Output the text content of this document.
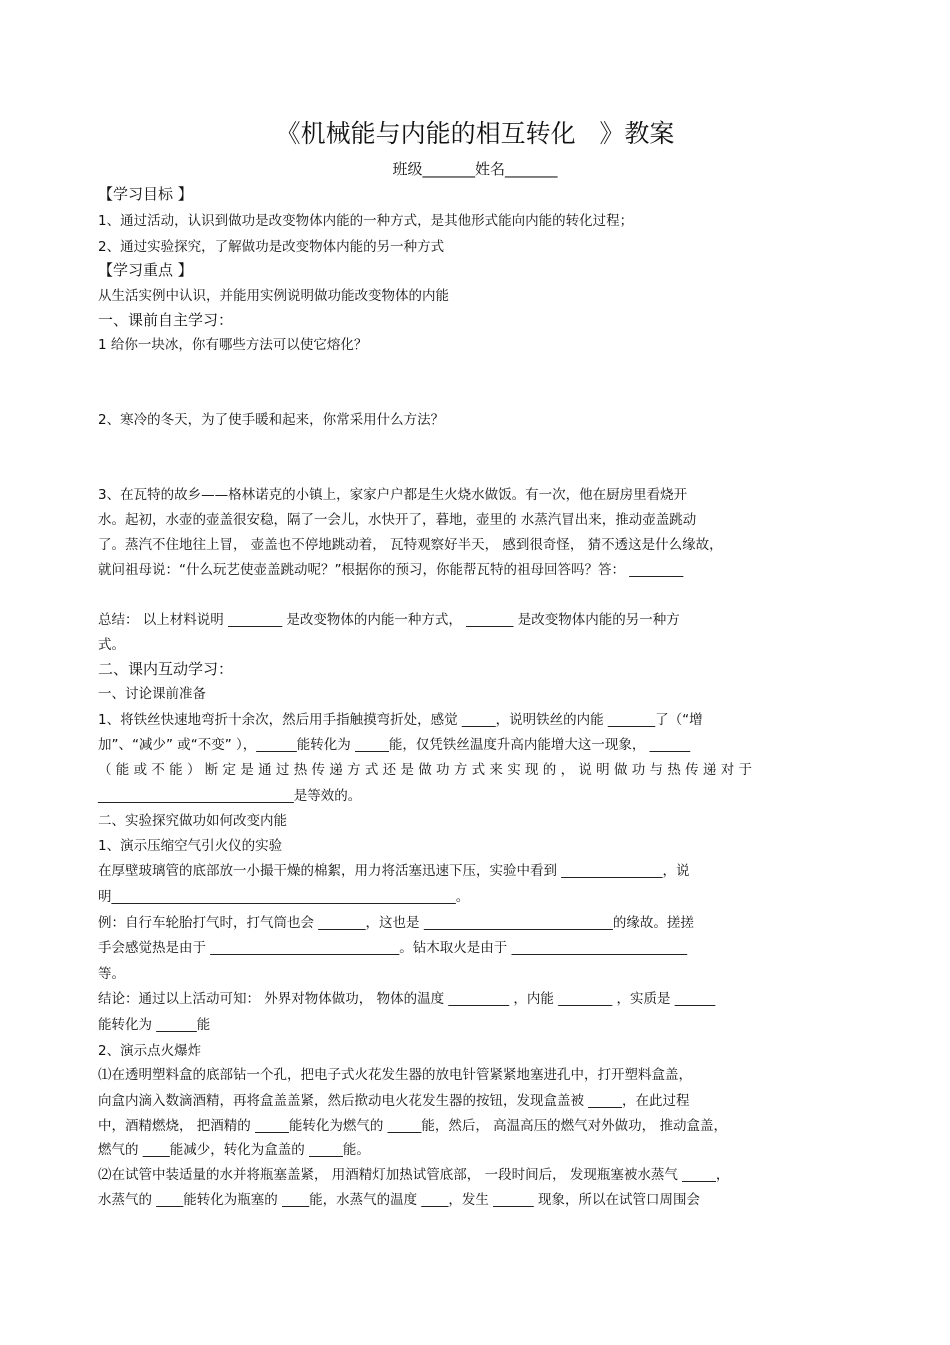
《机械能与内能的相互转化   》教案
班级_______姓名_______
【学习目标 】
1、通过活动，认识到做功是改变物体内能的一种方式，是其他形式能向内能的转化过程；
2、通过实验探究，了解做功是改变物体内能的另一种方式
【学习重点 】
从生活实例中认识，并能用实例说明做功能改变物体的内能
一、课前自主学习：
1 给你一块冰，你有哪些方法可以使它熔化？
2、寒冷的冬天，为了使手暖和起来，你常采用什么方法？
3、在瓦特的故乡——格林诺克的小镇上，家家户户都是生火烧水做饭。有一次，他在厨房里看烧开
水。起初，水壶的壶盖很安稳，隔了一会儿，水快开了，暮地，壶里的 水蒸汽冒出来，推动壶盖跳动
了。蒸汽不住地往上冒， 壶盖也不停地跳动着， 瓦特观察好半天， 感到很奇怪， 猜不透这是什么缘故，
就问祖母说：“什么玩艺使壶盖跳动呢？”根据你的预习，你能帮瓦特的祖母回答吗？答： ________
总结： 以上材料说明 ________ 是改变物体的内能一种方式， _______ 是改变物体内能的另一种方
式。
二、课内互动学习：
一、讨论课前准备
1、将铁丝快速地弯折十余次，然后用手指触摸弯折处，感觉 _____，说明铁丝的内能 _______了（“增
加”、“减少” 或“不变” ），______能转化为 _____能，仅凭铁丝温度升高内能增大这一现象， ______
（ 能 或 不 能 ） 断 定 是 通 过 热 传 递 方 式 还 是 做 功 方 式 来 实 现 的 ， 说 明 做 功 与 热 传 递 对 于
_____________________________是等效的。
二、实验探究做功如何改变内能
1、演示压缩空气引火仪的实验
在厚壁玻璃管的底部放一小撮干燥的棉絮，用力将活塞迅速下压，实验中看到 _______________，说
明___________________________________________________。
例：自行车轮胎打气时，打气筒也会 _______，这也是 ____________________________的缘故。搓搓
手会感觉热是由于 ____________________________。钻木取火是由于 __________________________
等。
结论：通过以上活动可知： 外界对物体做功， 物体的温度 _________ ，内能 ________ ，实质是 ______
能转化为 ______能
2、演示点火爆炸
⑴在透明塑料盒的底部钻一个孔，把电子式火花发生器的放电针管紧紧地塞进孔中，打开塑料盒盖，
向盒内滴入数滴酒精，再将盒盖盖紧，然后揿动电火花发生器的按钮，发现盒盖被 _____，在此过程
中，酒精燃烧， 把酒精的 _____能转化为燃气的 _____能，然后， 高温高压的燃气对外做功， 推动盒盖，
燃气的 ____能减少，转化为盒盖的 _____能。
⑵在试管中装适量的水并将瓶塞盖紧， 用酒精灯加热试管底部， 一段时间后， 发现瓶塞被水蒸气 _____，
水蒸气的 ____能转化为瓶塞的 ____能，水蒸气的温度 ____，发生 ______ 现象，所以在试管口周围会
